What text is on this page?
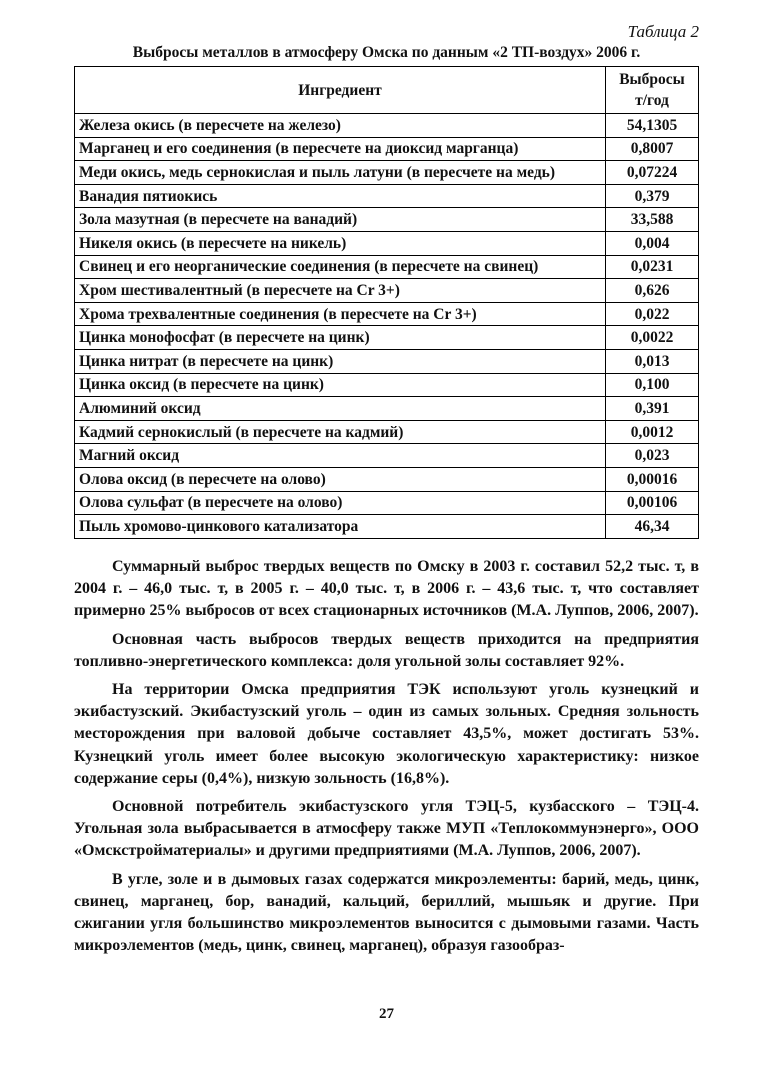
Таблица 2
Выбросы металлов в атмосферу Омска по данным «2 ТП-воздух» 2006 г.
Ингредиент	Выбросы
т/год
Железа окись (в пересчете на железо)	54,1305
Марганец и его соединения (в пересчете на диоксид марганца)	0,8007
Меди окись, медь сернокислая и пыль латуни (в пересчете на медь)	0,07224
Ванадия пятиокись	0,379
Зола мазутная (в пересчете на ванадий)	33,588
Никеля окись (в пересчете на никель)	0,004
Свинец и его неорганические соединения (в пересчете на свинец)	0,0231
Хром шестивалентный (в пересчете на Cr 3+)	0,626
Хрома трехвалентные соединения (в пересчете на Cr 3+)	0,022
Цинка монофосфат (в пересчете на цинк)	0,0022
Цинка нитрат (в пересчете на цинк)	0,013
Цинка оксид (в пересчете на цинк)	0,100
Алюминий оксид	0,391
Кадмий сернокислый (в пересчете на кадмий)	0,0012
Магний оксид	0,023
Олова оксид (в пересчете на олово)	0,00016
Олова сульфат (в пересчете на олово)	0,00106
Пыль хромово-цинкового катализатора	46,34

Суммарный выброс твердых веществ по Омску в 2003 г. составил 52,2 тыс. т, в 2004 г. – 46,0 тыс. т, в 2005 г. – 40,0 тыс. т, в 2006 г. – 43,6 тыс. т, что составляет примерно 25% выбросов от всех стационарных источников (М.А. Луппов, 2006, 2007).

Основная часть выбросов твердых веществ приходится на предприятия топливно-энергетического комплекса: доля угольной золы составляет 92%.

На территории Омска предприятия ТЭК используют уголь кузнецкий и экибастузский. Экибастузский уголь – один из самых зольных. Средняя зольность месторождения при валовой добыче составляет 43,5%, может достигать 53%. Кузнецкий уголь имеет более высокую экологическую характеристику: низкое содержание серы (0,4%), низкую зольность (16,8%).

Основной потребитель экибастузского угля ТЭЦ-5, кузбасского – ТЭЦ-4. Угольная зола выбрасывается в атмосферу также МУП «Теплокоммунэнерго», ООО «Омскстройматериалы» и другими предприятиями (М.А. Луппов, 2006, 2007).

В угле, золе и в дымовых газах содержатся микроэлементы: барий, медь, цинк, свинец, марганец, бор, ванадий, кальций, бериллий, мышьяк и другие. При сжигании угля большинство микроэлементов выносится с дымовыми газами. Часть микроэлементов (медь, цинк, свинец, марганец), образуя газообраз-

27
